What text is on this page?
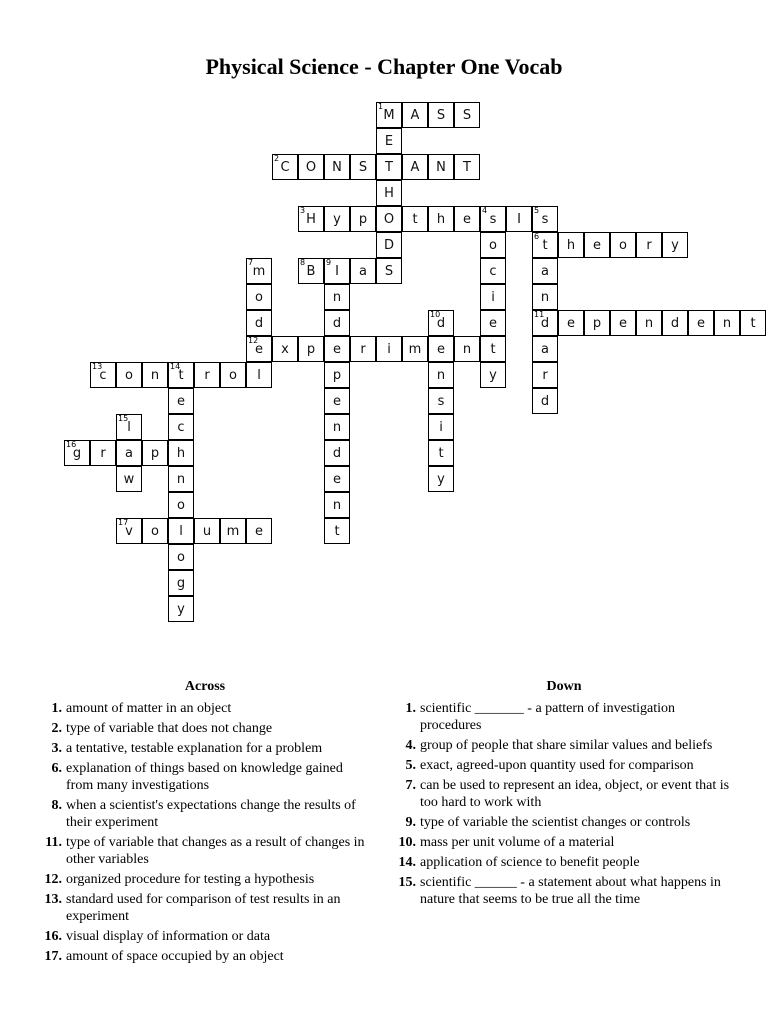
Physical Science - Chapter One Vocab
1
M	A	S	S
E
2
C	O	N	S	T	A	N	T
H
3
H	y	p	O	t	h	e
4
s	I
5
s
D	o
6
t	h	e	o	r	y
7
m
8
B
9
I	a	S	c	a
o	n	i	n
d	d
10
d	e
11
d	e	p	e	n	d	e	n	t
12
e	x	p	e	r	i	m	e	n	t	a
13
c	o	n
14
t	r	o	l	p	n	y	r
e	e	s	d
15
l	c	n	i
16
g	r	a	p	h	d	t
w	n	e	y
o	n
17
v	o	l	u	m	e	t
o
g
y
Across
1. amount of matter in an object
2. type of variable that does not change
3. a tentative, testable explanation for a problem
6. explanation of things based on knowledge gained from many investigations
8. when a scientist's expectations change the results of their experiment
11. type of variable that changes as a result of changes in other variables
12. organized procedure for testing a hypothesis
13. standard used for comparison of test results in an experiment
16. visual display of information or data
17. amount of space occupied by an object
Down
1. scientific _______ - a pattern of investigation procedures
4. group of people that share similar values and beliefs
5. exact, agreed-upon quantity used for comparison
7. can be used to represent an idea, object, or event that is too hard to work with
9. type of variable the scientist changes or controls
10. mass per unit volume of a material
14. application of science to benefit people
15. scientific ______ - a statement about what happens in nature that seems to be true all the time
